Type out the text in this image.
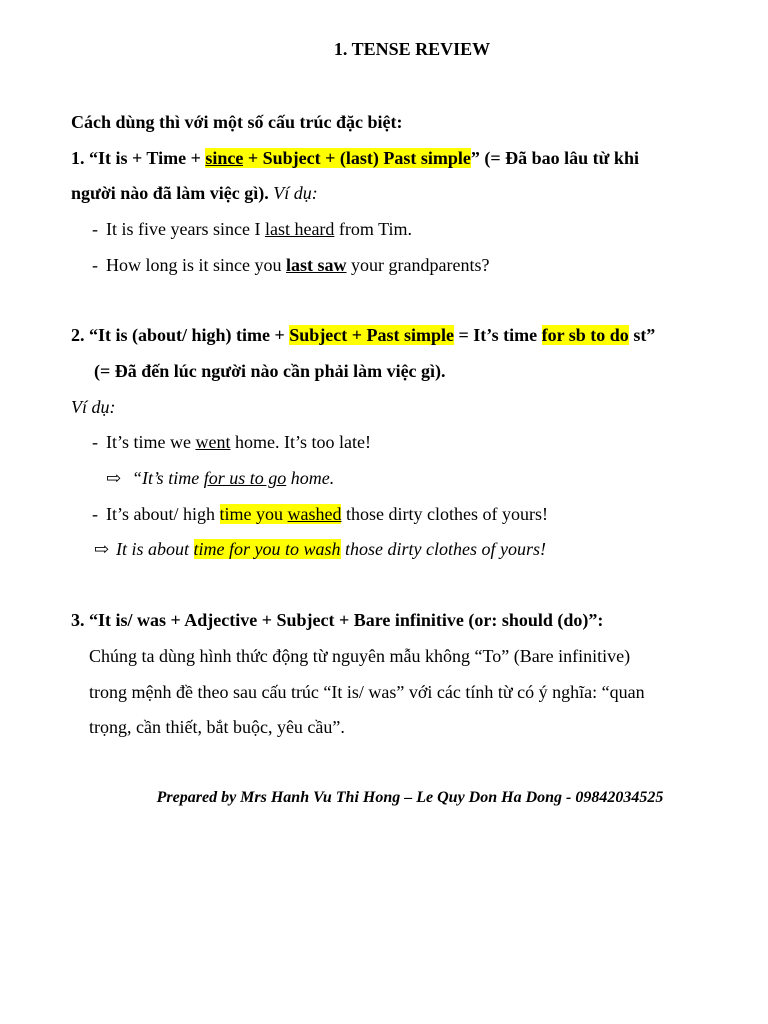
1. TENSE REVIEW
Cách dùng thì với một số cấu trúc đặc biệt:
1. “It is + Time + since + Subject + (last) Past simple” (= Đã bao lâu từ khi
người nào đã làm việc gì). Ví dụ:
- It is five years since I last heard from Tim.
- How long is it since you last saw your grandparents?
2. “It is (about/ high) time + Subject + Past simple = It’s time for sb to do st”
(= Đã đến lúc người nào cần phải làm việc gì).
Ví dụ:
- It’s time we went home. It’s too late!
⇨ “It’s time for us to go home.
- It’s about/ high time you washed those dirty clothes of yours!
⇨ It is about time for you to wash those dirty clothes of yours!
3. “It is/ was + Adjective + Subject + Bare infinitive (or: should (do)”:
Chúng ta dùng hình thức động từ nguyên mẫu không “To” (Bare infinitive)
trong mệnh đề theo sau cấu trúc “It is/ was” với các tính từ có ý nghĩa: “quan
trọng, cần thiết, bắt buộc, yêu cầu”.
Prepared by Mrs Hanh Vu Thi Hong – Le Quy Don Ha Dong - 09842034525
